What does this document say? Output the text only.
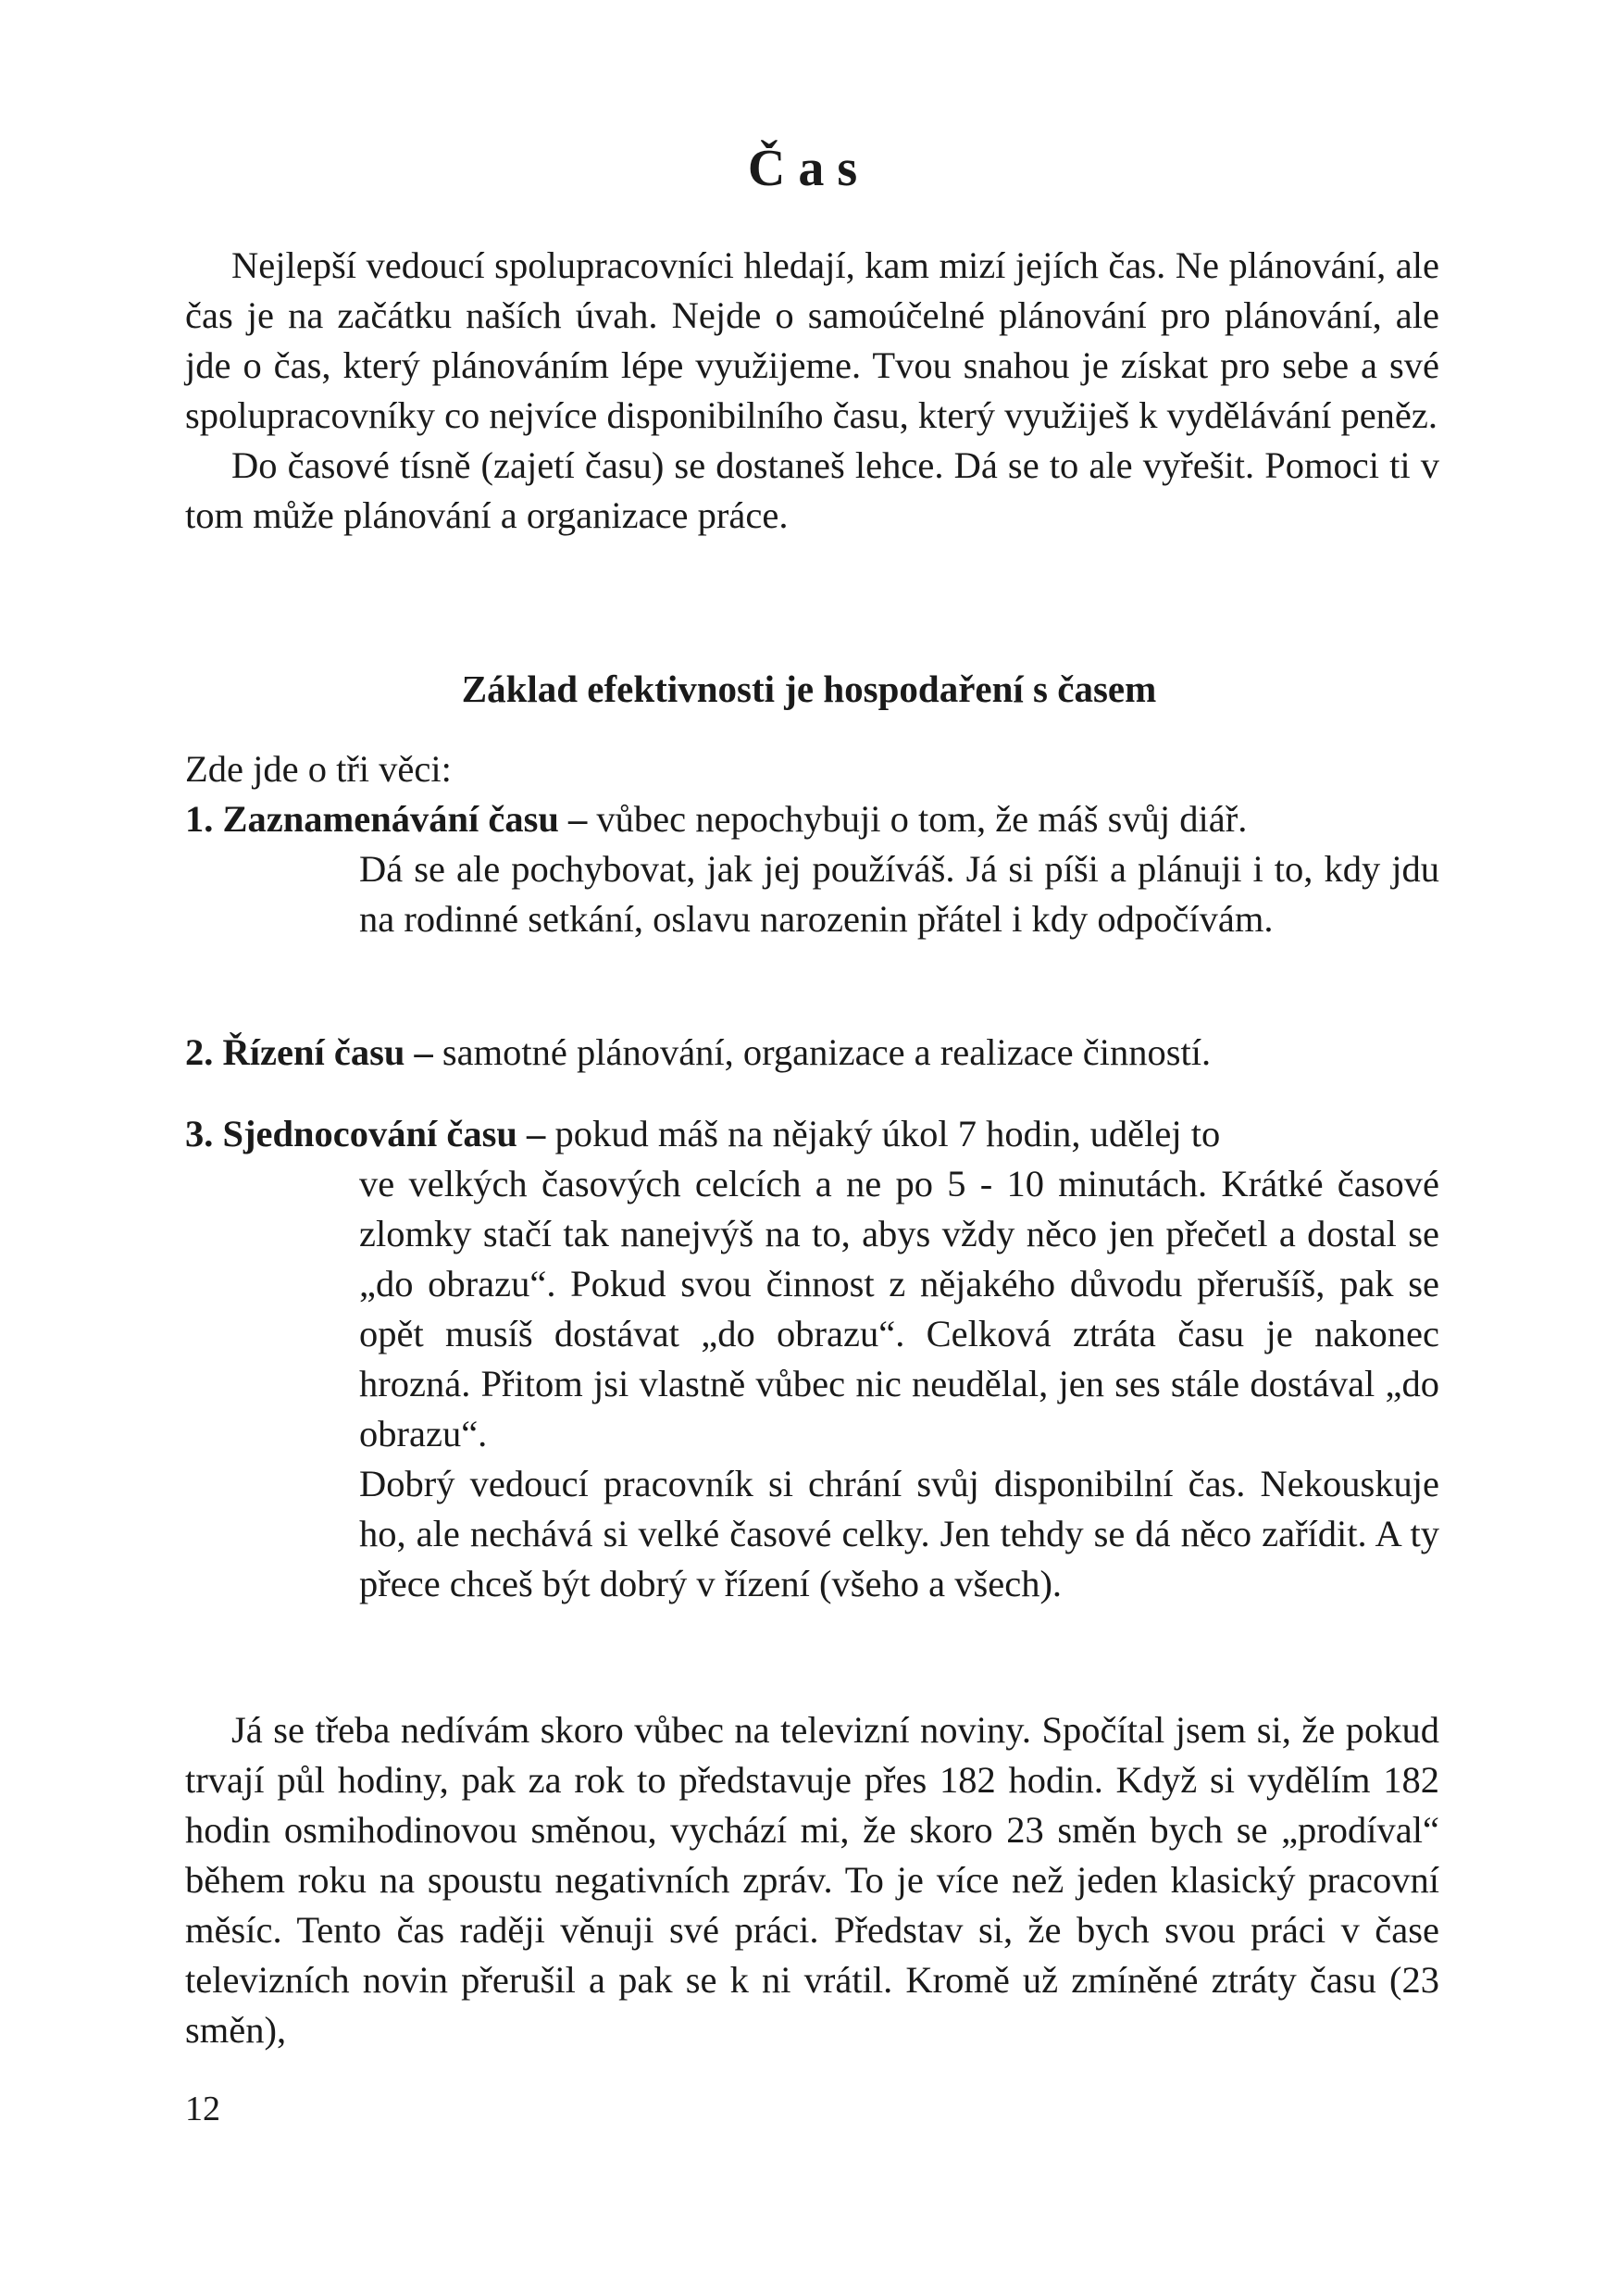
Čas

Nejlepší vedoucí spolupracovníci hledají, kam mizí jejích čas. Ne plánování, ale čas je na začátku naších úvah. Nejde o samoúčelné plánování pro plánování, ale jde o čas, který plánováním lépe využijeme. Tvou snahou je získat pro sebe a své spolupracovníky co nejvíce disponibilního času, který využiješ k vydělávání peněz.

Do časové tísně (zajetí času) se dostaneš lehce. Dá se to ale vyřešit. Pomoci ti v tom může plánování a organizace práce.

Základ efektivnosti je hospodaření s časem

Zde jde o tři věci:

1. Zaznamenávání času – vůbec nepochybuji o tom, že máš svůj diář.
Dá se ale pochybovat, jak jej používáš. Já si píši a plánuji i to, kdy jdu na rodinné setkání, oslavu narozenin přátel i kdy odpočívám.
2. Řízení času – samotné plánování, organizace a realizace činností.
3. Sjednocování času – pokud máš na nějaký úkol 7 hodin, udělej to
ve velkých časových celcích a ne po 5 - 10 minutách. Krátké časové zlomky stačí tak nanejvýš na to, abys vždy něco jen přečetl a dostal se „do obrazu“. Pokud svou činnost z nějakého důvodu přerušíš, pak se opět musíš dostávat „do obrazu“. Celková ztráta času je nakonec hrozná. Přitom jsi vlastně vůbec nic neudělal, jen ses stále dostával „do obrazu“.
Dobrý vedoucí pracovník si chrání svůj disponibilní čas. Nekouskuje ho, ale nechává si velké časové celky. Jen tehdy se dá něco zařídit. A ty přece chceš být dobrý v řízení (všeho a všech).

Já se třeba nedívám skoro vůbec na televizní noviny. Spočítal jsem si, že pokud trvají půl hodiny, pak za rok to představuje přes 182 hodin. Když si vydělím 182 hodin osmihodinovou směnou, vychází mi, že skoro 23 směn bych se „prodíval“ během roku na spoustu negativních zpráv. To je více než jeden klasický pracovní měsíc. Tento čas raději věnuji své práci. Představ si, že bych svou práci v čase televizních novin přerušil a pak se k ni vrátil. Kromě už zmíněné ztráty času (23 směn),

12
